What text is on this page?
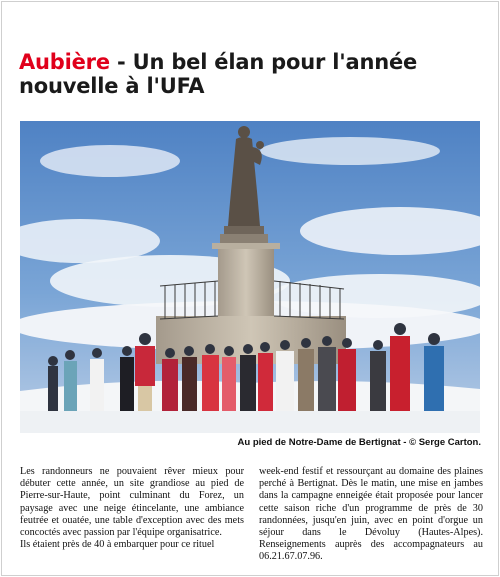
Aubière - Un bel élan pour l'année nouvelle à l'UFA
Au pied de Notre-Dame de Bertignat - © Serge Carton.

Les randonneurs ne pouvaient rêver mieux pour débuter cette année, un site grandiose au pied de Pierre-sur-Haute, point culminant du Forez, un paysage avec une neige étincelante, une ambiance feutrée et ouatée, une table d'exception avec des mets concoctés avec passion par l'équipe organisatrice.

Ils étaient près de 40 à embarquer pour ce rituel

week-end festif et ressourçant au domaine des plaines perché à Bertignat. Dès le matin, une mise en jambes dans la campagne enneigée était proposée pour lancer cette saison riche d'un programme de près de 30 randonnées, jusqu'en juin, avec en point d'orgue un séjour dans le Dévoluy (Hautes-Alpes). Renseignements auprès des accompagnateurs au 06.21.67.07.96.
